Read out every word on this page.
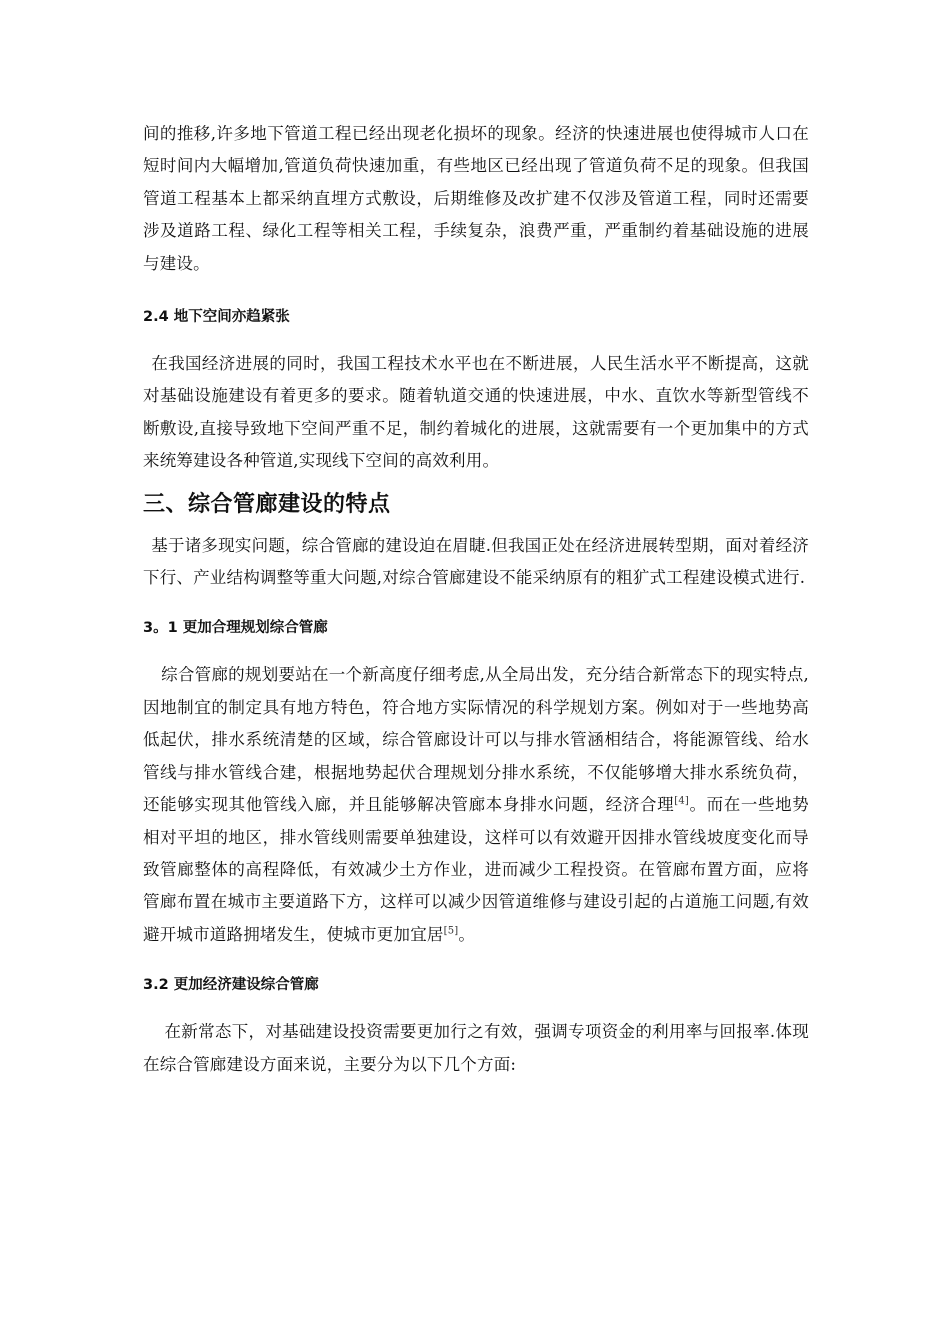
间的推移,许多地下管道工程已经出现老化损坏的现象。经济的快速进展也使得城市人口在短时间内大幅增加,管道负荷快速加重，有些地区已经出现了管道负荷不足的现象。但我国管道工程基本上都采纳直埋方式敷设，后期维修及改扩建不仅涉及管道工程，同时还需要涉及道路工程、绿化工程等相关工程，手续复杂，浪费严重，严重制约着基础设施的进展与建设。

2.4 地下空间亦趋紧张

在我国经济进展的同时，我国工程技术水平也在不断进展，人民生活水平不断提高，这就对基础设施建设有着更多的要求。随着轨道交通的快速进展，中水、直饮水等新型管线不断敷设,直接导致地下空间严重不足，制约着城化的进展，这就需要有一个更加集中的方式来统筹建设各种管道,实现线下空间的高效利用。

三、综合管廊建设的特点

基于诸多现实问题，综合管廊的建设迫在眉睫.但我国正处在经济进展转型期，面对着经济下行、产业结构调整等重大问题,对综合管廊建设不能采纳原有的粗犷式工程建设模式进行.

3。1 更加合理规划综合管廊

综合管廊的规划要站在一个新高度仔细考虑,从全局出发，充分结合新常态下的现实特点,因地制宜的制定具有地方特色，符合地方实际情况的科学规划方案。例如对于一些地势高低起伏，排水系统清楚的区域，综合管廊设计可以与排水管涵相结合，将能源管线、给水管线与排水管线合建，根据地势起伏合理规划分排水系统，不仅能够增大排水系统负荷，还能够实现其他管线入廊，并且能够解决管廊本身排水问题，经济合理[4]。而在一些地势相对平坦的地区，排水管线则需要单独建设，这样可以有效避开因排水管线坡度变化而导致管廊整体的高程降低，有效减少土方作业，进而减少工程投资。在管廊布置方面，应将管廊布置在城市主要道路下方，这样可以减少因管道维修与建设引起的占道施工问题,有效避开城市道路拥堵发生，使城市更加宜居[5]。

3.2 更加经济建设综合管廊

在新常态下，对基础建设投资需要更加行之有效，强调专项资金的利用率与回报率.体现在综合管廊建设方面来说，主要分为以下几个方面:
